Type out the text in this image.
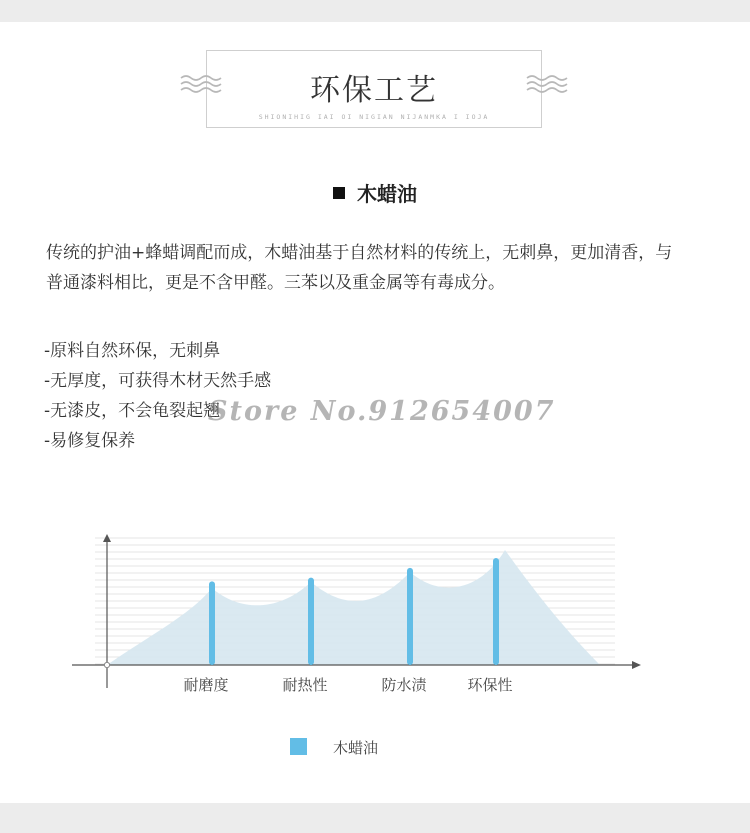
环保工艺
SHIONIHIG IAI OI NIGIAN NIJANMKA I IOJA
木蜡油
传统的护油+蜂蜡调配而成，木蜡油基于自然材料的传统上，无刺鼻，更加清香，与普通漆料相比，更是不含甲醛。三苯以及重金属等有毒成分。
-原料自然环保，无刺鼻
-无厚度，可获得木材天然手感
-无漆皮，不会龟裂起翘
-易修复保养
Store No.912654007
耐磨度	耐热性	防水渍	环保性
木蜡油
